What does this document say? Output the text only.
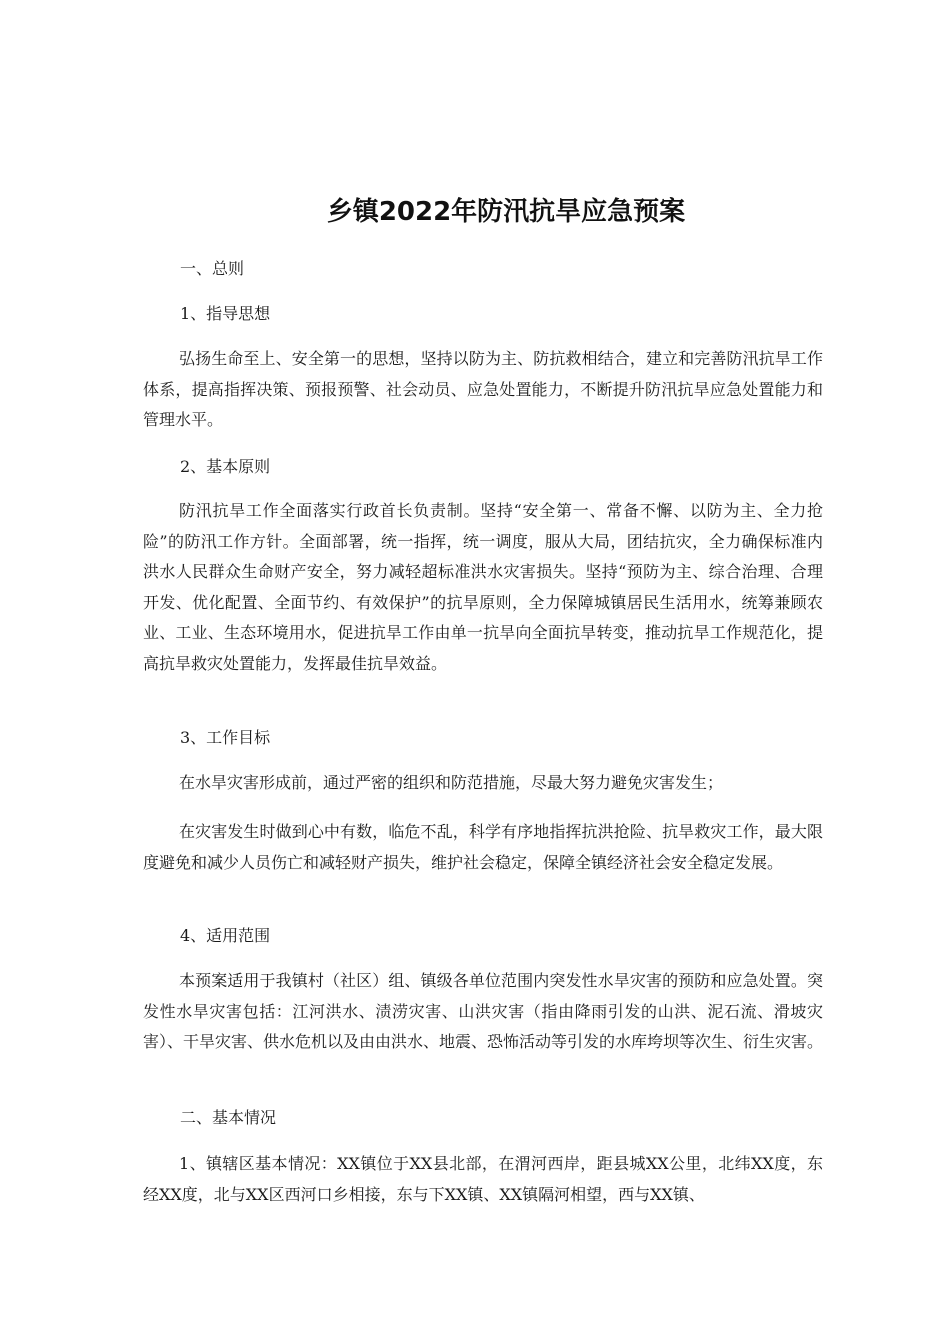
乡镇2022年防汛抗旱应急预案
一、总则
1、指导思想

弘扬生命至上、安全第一的思想，坚持以防为主、防抗救相结合，建立和完善防汛抗旱工作体系，提高指挥决策、预报预警、社会动员、应急处置能力，不断提升防汛抗旱应急处置能力和管理水平。

2、基本原则

防汛抗旱工作全面落实行政首长负责制。坚持“安全第一、常备不懈、以防为主、全力抢险”的防汛工作方针。全面部署，统一指挥，统一调度，服从大局，团结抗灾，全力确保标准内洪水人民群众生命财产安全，努力减轻超标准洪水灾害损失。坚持“预防为主、综合治理、合理开发、优化配置、全面节约、有效保护”的抗旱原则，全力保障城镇居民生活用水，统筹兼顾农业、工业、生态环境用水，促进抗旱工作由单一抗旱向全面抗旱转变，推动抗旱工作规范化，提高抗旱救灾处置能力，发挥最佳抗旱效益。

3、工作目标

在水旱灾害形成前，通过严密的组织和防范措施，尽最大努力避免灾害发生；

在灾害发生时做到心中有数，临危不乱，科学有序地指挥抗洪抢险、抗旱救灾工作，最大限度避免和减少人员伤亡和减轻财产损失，维护社会稳定，保障全镇经济社会安全稳定发展。

4、适用范围

本预案适用于我镇村（社区）组、镇级各单位范围内突发性水旱灾害的预防和应急处置。突发性水旱灾害包括：江河洪水、渍涝灾害、山洪灾害（指由降雨引发的山洪、泥石流、滑坡灾害）、干旱灾害、供水危机以及由由洪水、地震、恐怖活动等引发的水库垮坝等次生、衍生灾害。

二、基本情况

1、镇辖区基本情况：XX镇位于XX县北部，在渭河西岸，距县城XX公里，北纬XX度，东经XX度，北与XX区西河口乡相接，东与下XX镇、XX镇隔河相望，西与XX镇、
